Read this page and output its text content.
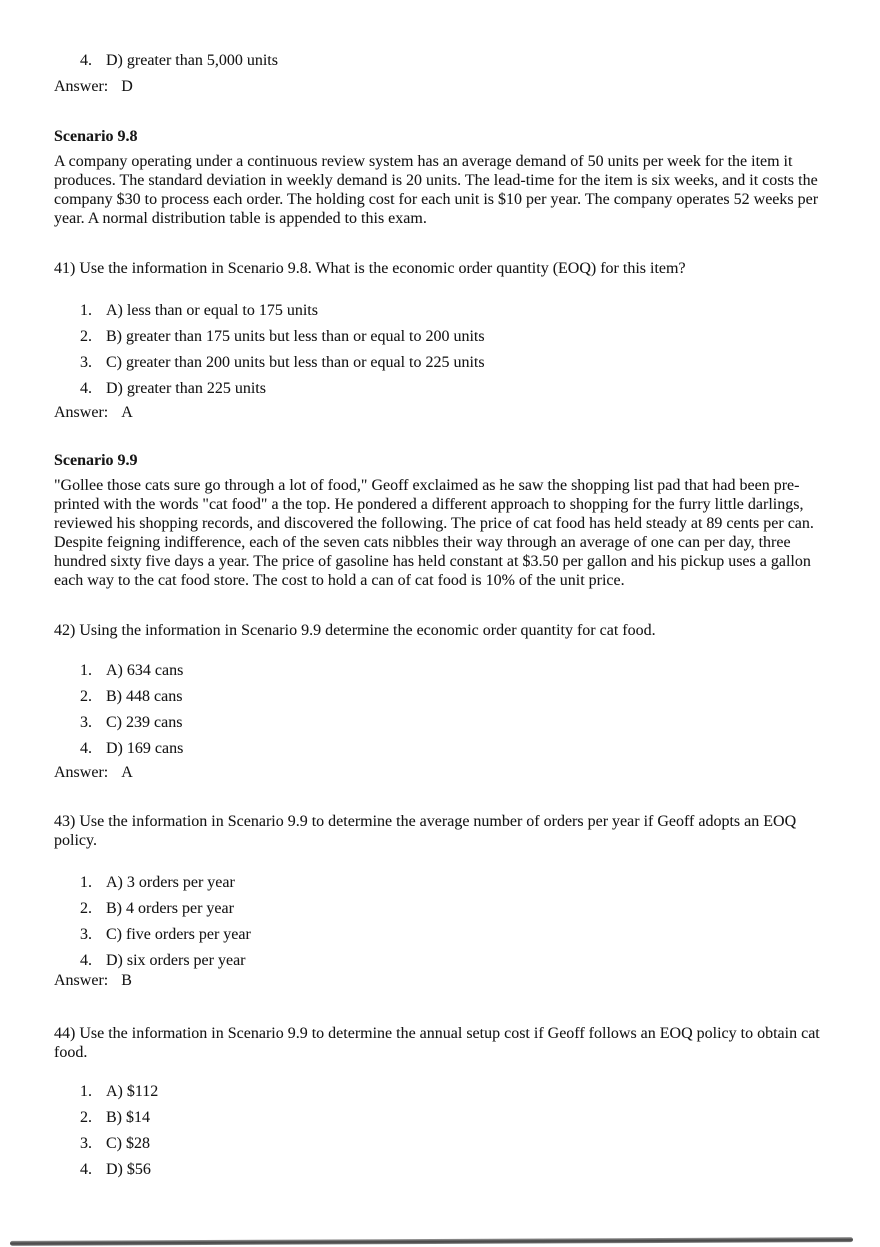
4. D) greater than 5,000 units
Answer: D
Scenario 9.8

A company operating under a continuous review system has an average demand of 50 units per week for the item it produces. The standard deviation in weekly demand is 20 units. The lead-time for the item is six weeks, and it costs the company $30 to process each order. The holding cost for each unit is $10 per year. The company operates 52 weeks per year. A normal distribution table is appended to this exam.

41) Use the information in Scenario 9.8. What is the economic order quantity (EOQ) for this item?

1. A) less than or equal to 175 units
2. B) greater than 175 units but less than or equal to 200 units
3. C) greater than 200 units but less than or equal to 225 units
4. D) greater than 225 units
Answer: A
Scenario 9.9

"Gollee those cats sure go through a lot of food," Geoff exclaimed as he saw the shopping list pad that had been pre-printed with the words "cat food" a the top. He pondered a different approach to shopping for the furry little darlings, reviewed his shopping records, and discovered the following. The price of cat food has held steady at 89 cents per can. Despite feigning indifference, each of the seven cats nibbles their way through an average of one can per day, three hundred sixty five days a year. The price of gasoline has held constant at $3.50 per gallon and his pickup uses a gallon each way to the cat food store. The cost to hold a can of cat food is 10% of the unit price.

42) Using the information in Scenario 9.9 determine the economic order quantity for cat food.

1. A) 634 cans
2. B) 448 cans
3. C) 239 cans
4. D) 169 cans
Answer: A

43) Use the information in Scenario 9.9 to determine the average number of orders per year if Geoff adopts an EOQ policy.

1. A) 3 orders per year
2. B) 4 orders per year
3. C) five orders per year
4. D) six orders per year
Answer: B

44) Use the information in Scenario 9.9 to determine the annual setup cost if Geoff follows an EOQ policy to obtain cat food.

1. A) $112
2. B) $14
3. C) $28
4. D) $56
